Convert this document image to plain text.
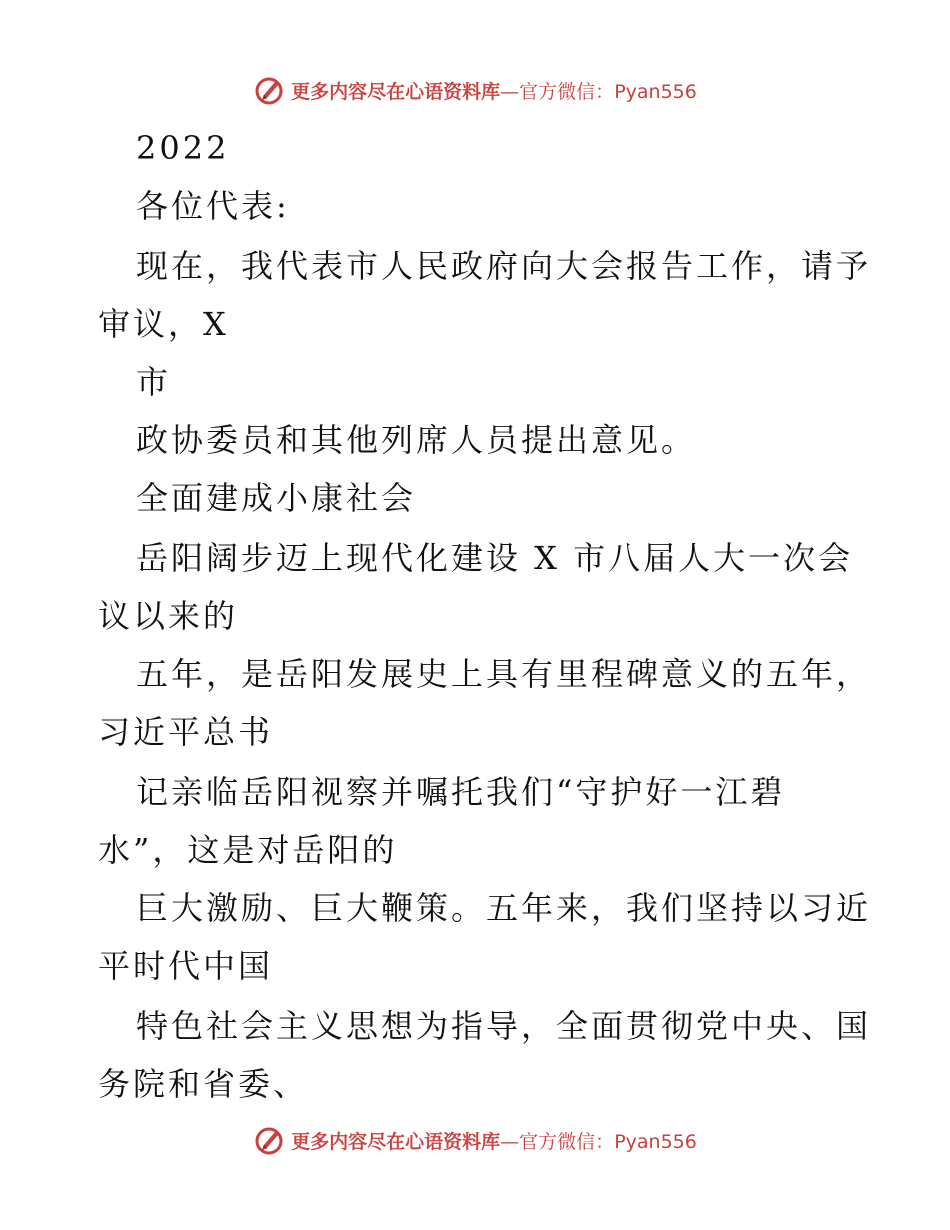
更多内容尽在心语资料库—官方微信：Pyan556
2022
各位代表:
现在，我代表市人民政府向大会报告工作，请予
审议，X
市
政协委员和其他列席人员提出意见。
全面建成小康社会
岳阳阔步迈上现代化建设 X 市八届人大一次会
议以来的
五年，是岳阳发展史上具有里程碑意义的五年，
习近平总书
记亲临岳阳视察并嘱托我们“守护好一江碧
水”，这是对岳阳的
巨大激励、巨大鞭策。五年来，我们坚持以习近
平时代中国
特色社会主义思想为指导，全面贯彻党中央、国
务院和省委、
更多内容尽在心语资料库—官方微信：Pyan556
